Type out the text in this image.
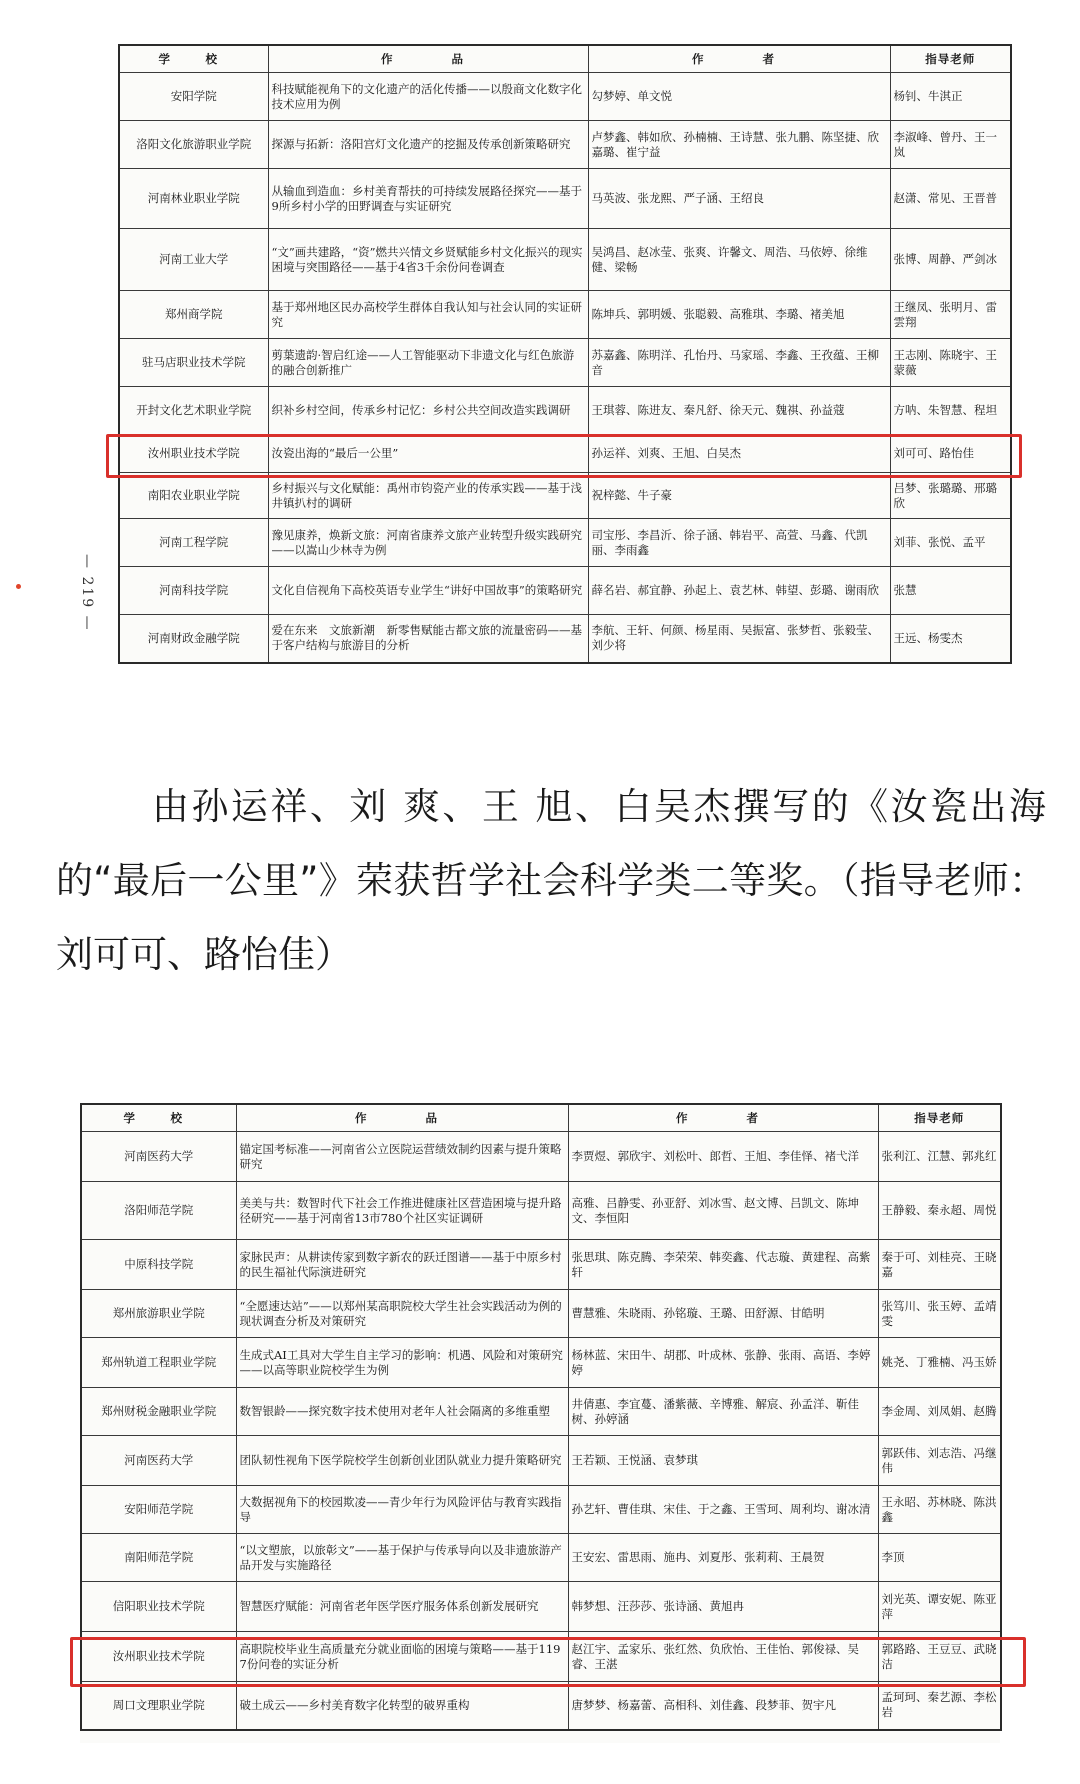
学　校	作　　品	作　　者	指导老师
安阳学院	科技赋能视角下的文化遗产的活化传播——以殷商文化数字化技术应用为例	勾梦婷、单文悦	杨钊、牛淇正
洛阳文化旅游职业学院	探源与拓新：洛阳宫灯文化遗产的挖掘及传承创新策略研究	卢梦鑫、韩如欣、孙楠楠、王诗慧、张九鹏、陈坚捷、欣嘉璐、崔宁益	李淑峰、曾丹、王一岚
河南林业职业学院	从输血到造血：乡村美育帮扶的可持续发展路径探究——基于9所乡村小学的田野调查与实证研究	马英波、张龙熙、严子涵、王绍良	赵潇、常见、王晋普
河南工业大学	“文”画共建路，“资”燃共兴情文乡贤赋能乡村文化振兴的现实困境与突围路径——基于4省3千余份问卷调查	吴鸿昌、赵冰莹、张爽、许馨文、周浩、马依婷、徐维健、梁畅	张博、周静、严剑冰
郑州商学院	基于郑州地区民办高校学生群体自我认知与社会认同的实证研究	陈坤兵、郭明媛、张聪毅、高雅琪、李璐、褚美旭	王继凤、张明月、雷雲翔
驻马店职业技术学院	剪葉遗韵·智启红途——人工智能驱动下非遗文化与红色旅游的融合创新推广	苏嘉鑫、陈明洋、孔怡丹、马家瑶、李鑫、王孜蕴、王柳音	王志刚、陈晓宇、王蒙薇
开封文化艺术职业学院	织补乡村空间，传承乡村记忆：乡村公共空间改造实践调研	王琪蓉、陈进友、秦凡舒、徐天元、魏祺、孙益蔻	方呐、朱智慧、程坦
汝州职业技术学院	汝瓷出海的“最后一公里”	孙运祥、刘爽、王旭、白吴杰	刘可可、路怡佳
南阳农业职业学院	乡村振兴与文化赋能：禹州市钧瓷产业的传承实践——基于浅井镇扒村的调研	祝梓懿、牛子豪	吕梦、张璐璐、邢璐欣
河南工程学院	豫见康养，焕新文旅：河南省康养文旅产业转型升级实践研究——以嵩山少林寺为例	司宝彤、李昌沂、徐子涵、韩岩平、高萱、马鑫、代凯丽、李雨鑫	刘菲、张悦、孟平
河南科技学院	文化自信视角下高校英语专业学生“讲好中国故事”的策略研究	薛名岩、郝宜静、孙起上、袁艺林、韩望、彭璐、谢雨欣	张慧
河南财政金融学院	爱在东来　文旅新潮　新零售赋能古都文旅的流量密码——基于客户结构与旅游目的分析	李航、王轩、何颜、杨星雨、吴振富、张梦哲、张毅莹、刘少将	王远、杨雯杰
— 219 —

由孙运祥、刘 爽、王 旭、白吴杰撰写的《汝瓷出海的“最后一公里”》荣获哲学社会科学类二等奖。（指导老师：刘可可、路怡佳）

学　校	作　　品	作　　者	指导老师
河南医药大学	锚定国考标准——河南省公立医院运营绩效制约因素与提升策略研究	李贾煜、郭欣宇、刘松叶、郎哲、王旭、李佳怿、褚弋洋	张利江、江慧、郭兆红
洛阳师范学院	美美与共：数智时代下社会工作推进健康社区营造困境与提升路径研究——基于河南省13市780个社区实证调研	高雅、吕静雯、孙亚舒、刘冰雪、赵文博、吕凯文、陈坤文、李恒阳	王静毅、秦永超、周悦
中原科技学院	家脉民声：从耕读传家到数字新农的跃迁图谱——基于中原乡村的民生福祉代际演进研究	张思琪、陈克腾、李荣荣、韩奕鑫、代志璇、黄建程、高紫轩	秦于可、刘桂亮、王晓嘉
郑州旅游职业学院	“全愿速达站”——以郑州某高职院校大学生社会实践活动为例的现状调查分析及对策研究	曹慧雅、朱晓雨、孙铭璇、王璐、田舒源、甘皓明	张笃川、张玉婷、孟靖雯
郑州轨道工程职业学院	生成式AI工具对大学生自主学习的影响：机遇、风险和对策研究——以高等职业院校学生为例	杨林蓝、宋田牛、胡郡、叶成林、张静、张雨、高语、李婷婷	姚尧、丁雅楠、冯玉娇
郑州财税金融职业学院	数智银龄——探究数字技术使用对老年人社会隔离的多维重塑	井倩惠、李宜蔓、潘紫薇、辛博雅、解宸、孙孟洋、靳佳树、孙婷涵	李金周、刘凤娟、赵腾
河南医药大学	团队韧性视角下医学院校学生创新创业团队就业力提升策略研究	王若颖、王悦涵、袁梦琪	郭跃伟、刘志浩、冯继伟
安阳师范学院	大数据视角下的校园欺凌——青少年行为风险评估与教育实践指导	孙艺轩、曹佳琪、宋佳、于之鑫、王雪珂、周利均、谢冰清	王永昭、苏林晓、陈洪鑫
南阳师范学院	“以文塑旅，以旅彰文”——基于保护与传承导向以及非遗旅游产品开发与实施路径	王安宏、雷思雨、施冉、刘夏彤、张莉莉、王晨贺	李顶
信阳职业技术学院	智慧医疗赋能：河南省老年医学医疗服务体系创新发展研究	韩梦想、汪莎莎、张诗涵、黄旭冉	刘光英、谭安妮、陈亚萍
汝州职业技术学院	高职院校毕业生高质量充分就业面临的困境与策略——基于1197份问卷的实证分析	赵江宇、孟家乐、张红然、负欣怡、王佳怡、郭俊禄、吴睿、王湛	郭路路、王豆豆、武晓洁
周口文理职业学院	破土成云——乡村美育数字化转型的破界重构	唐梦梦、杨嘉蕾、高相科、刘佳鑫、段梦菲、贺宇凡	孟珂珂、秦艺源、李松岩
